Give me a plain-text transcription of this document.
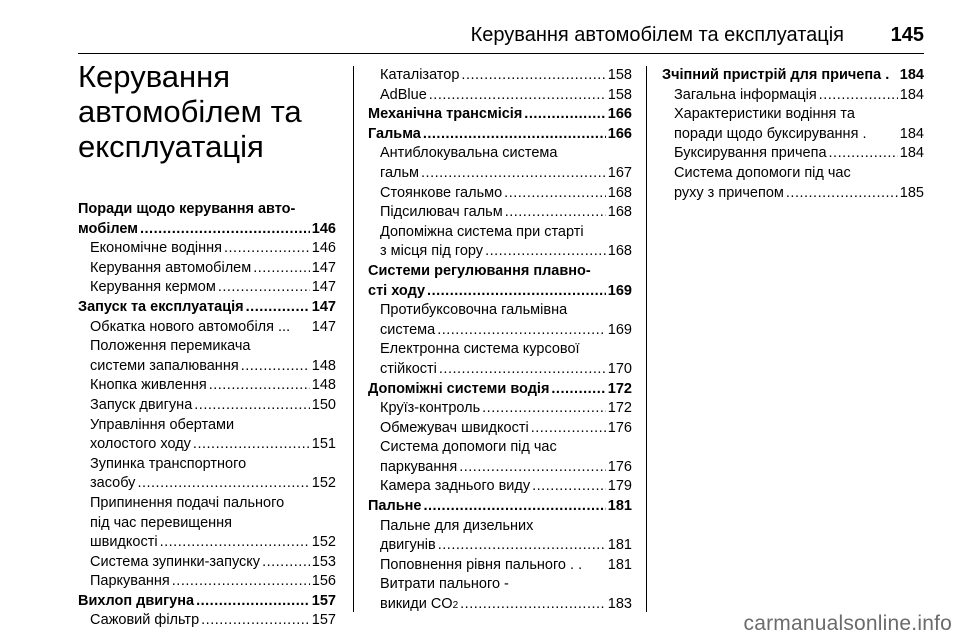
Керування автомобілем та експлуатація 145
Керування
автомобілем та
експлуатація
Поради щодо керування авто-
мобілем .....	146
Економічне водіння .....	146
Керування автомобілем .....	147
Керування кермом .....	147
Запуск та експлуатація .....	147
Обкатка нового автомобіля ... 147
Положення перемикача
системи запалювання .....	148
Кнопка живлення .....	148
Запуск двигуна .....	150
Управління обертами
холостого ходу .....	151
Зупинка транспортного
засобу .....	152
Припинення подачі пального
під час перевищення
швидкості .....	152
Система зупинки-запуску .....	153
Паркування .....	156
Вихлоп двигуна .....	157
Сажовий фільтр .....	157
Каталізатор .....	158
AdBlue .....	158
Механічна трансмісія .....	166
Гальма .....	166
Антиблокувальна система
гальм .....	167
Стоянкове гальмо .....	168
Підсилювач гальм .....	168
Допоміжна система при старті
з місця під гору .....	168
Системи регулювання плавно-
сті ходу .....	169
Протибуксовочна гальмівна
система .....	169
Електронна система курсової
стійкості .....	170
Допоміжні системи водія .....	172
Круїз-контроль .....	172
Обмежувач швидкості .....	176
Система допомоги під час
паркування .....	176
Камера заднього виду .....	179
Пальне .....	181
Пальне для дизельних
двигунів .....	181
Поповнення рівня пального . . 181
Витрати пального -
викиди CO 2 .....	183
Зчіпний пристрій для причепа . 184
Загальна інформація .....	184
Характеристики водіння та
поради щодо буксирування . 184
Буксирування причепа .....	184
Система допомоги під час
руху з причепом .....	185
carmanualsonline.info
